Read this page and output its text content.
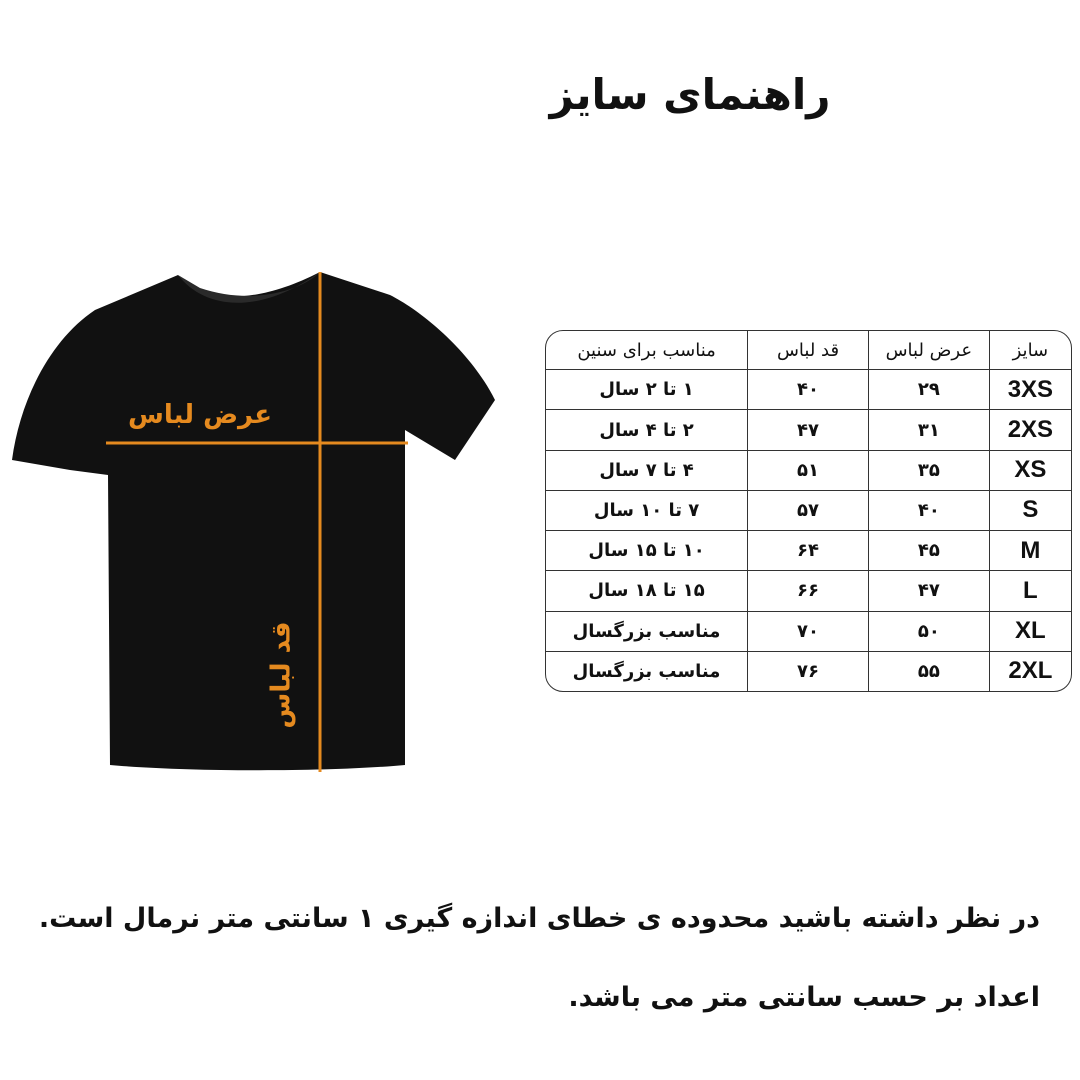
راهنمای سایز
عرض لباس
قد لباس
سایز	عرض لباس	قد لباس	مناسب برای سنین
3XS	۲۹	۴۰	۱ تا ۲ سال
2XS	۳۱	۴۷	۲ تا ۴ سال
XS	۳۵	۵۱	۴ تا ۷ سال
S	۴۰	۵۷	۷ تا ۱۰ سال
M	۴۵	۶۴	۱۰ تا ۱۵ سال
L	۴۷	۶۶	۱۵ تا ۱۸ سال
XL	۵۰	۷۰	مناسب بزرگسال
2XL	۵۵	۷۶	مناسب بزرگسال
در نظر داشته باشید محدوده ی خطای اندازه گیری ۱ سانتی متر نرمال است.
اعداد بر حسب سانتی متر می باشد.
